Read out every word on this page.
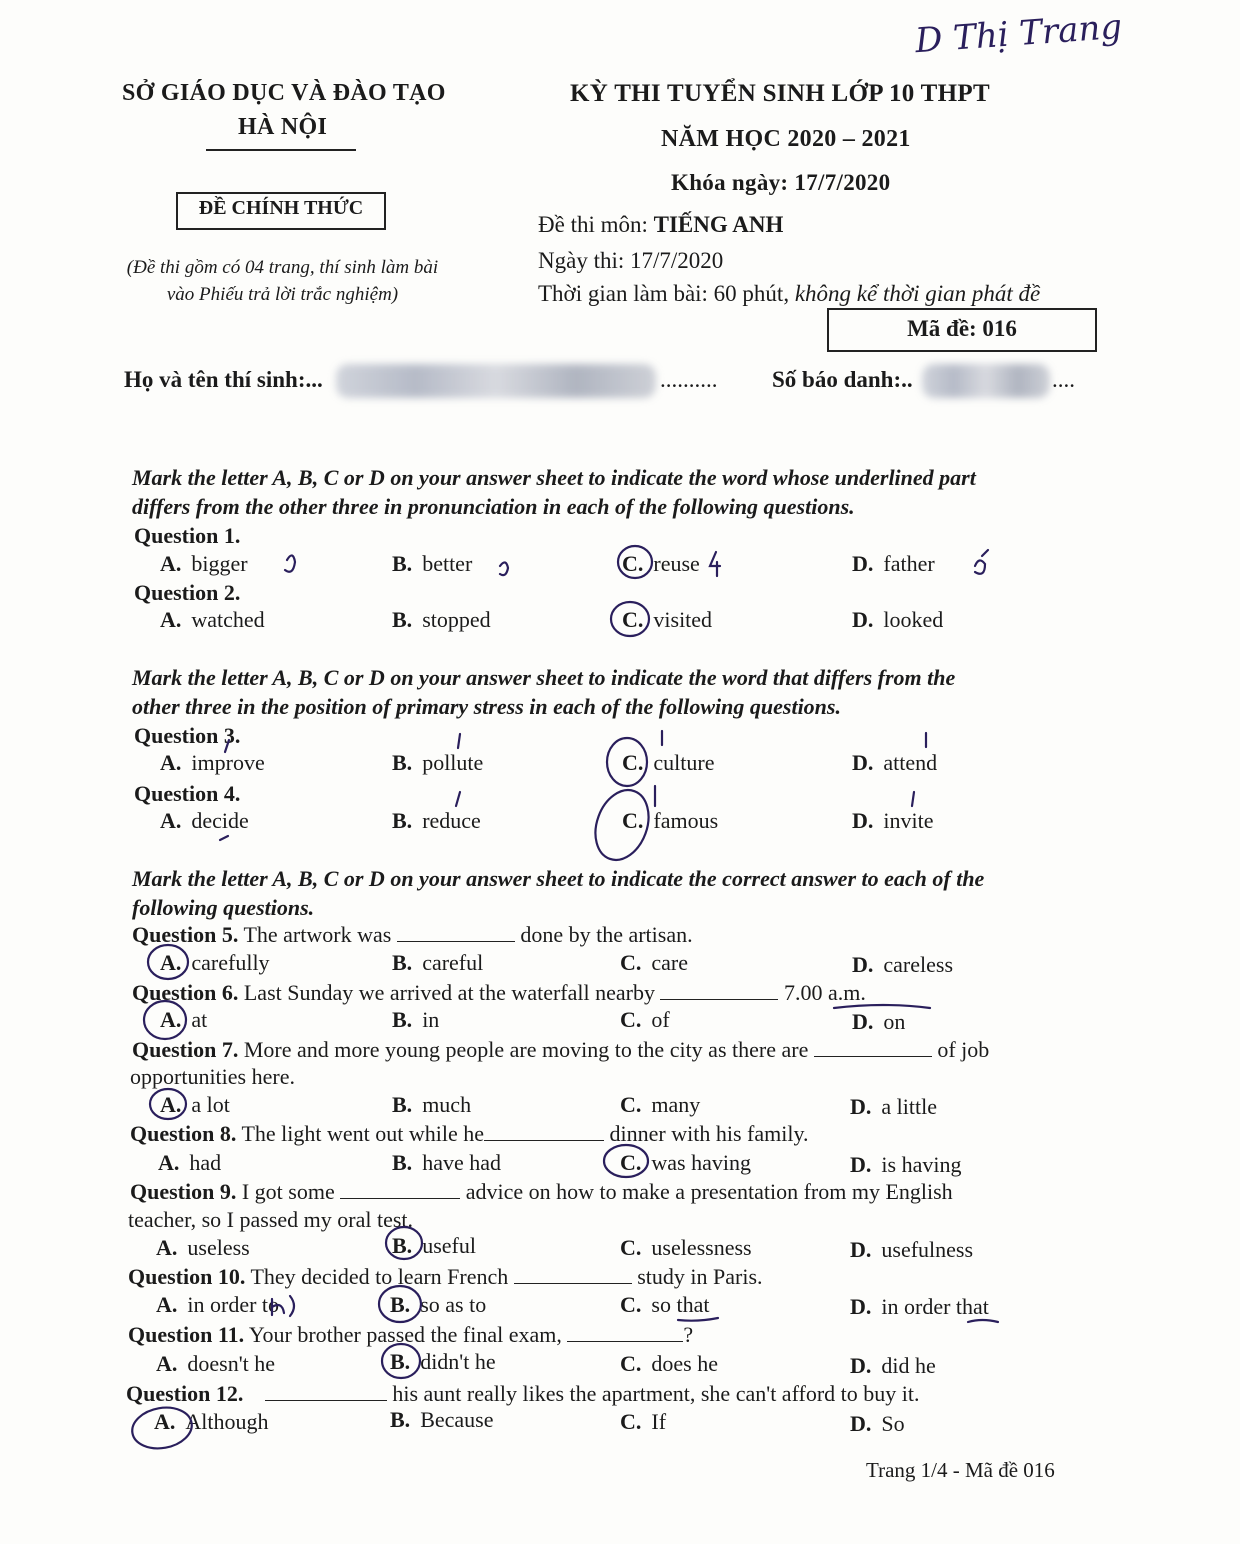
D Thị Trang
SỞ GIÁO DỤC VÀ ĐÀO TẠO
HÀ NỘI
ĐỀ CHÍNH THỨC
(Đề thi gồm có 04 trang, thí sinh làm bài
vào Phiếu trả lời trắc nghiệm)
KỲ THI TUYỂN SINH LỚP 10 THPT
NĂM HỌC 2020 – 2021
Khóa ngày: 17/7/2020
Đề thi môn: TIẾNG ANH
Ngày thi: 17/7/2020
Thời gian làm bài: 60 phút, không kể thời gian phát đề
Mã đề: 016
Họ và tên thí sinh:...	.......... Số báo danh:..	....
Mark the letter A, B, C or D on your answer sheet to indicate the word whose underlined part
differs from the other three in pronunciation in each of the following questions.
Question 1.
A. bigger	B. better	C. reuse	D. father
Question 2.
A. watched	B. stopped	C. visited	D. looked
Mark the letter A, B, C or D on your answer sheet to indicate the word that differs from the
other three in the position of primary stress in each of the following questions.
Question 3.
A. improve	B. pollute	C. culture	D. attend
Question 4.
A. decide	B. reduce	C. famous	D. invite
Mark the letter A, B, C or D on your answer sheet to indicate the correct answer to each of the
following questions.
Question 5. The artwork was	done by the artisan.
A. carefully	B. careful	C. care	D. careless
Question 6. Last Sunday we arrived at the waterfall nearby	7.00 a.m.
A. at	B. in	C. of	D. on
Question 7. More and more young people are moving to the city as there are	of job
opportunities here.
A. a lot	B. much	C. many	D. a little
Question 8. The light went out while he	dinner with his family.
A. had	B. have had	C. was having	D. is having
Question 9. I got some	advice on how to make a presentation from my English
teacher, so I passed my oral test.
A. useless	B. useful	C. uselessness	D. usefulness
Question 10. They decided to learn French	study in Paris.
A. in order to	B. so as to	C. so that	D. in order that
Question 11. Your brother passed the final exam,	?
A. doesn't he	B. didn't he	C. does he	D. did he
Question 12.	his aunt really likes the apartment, she can't afford to buy it.
A. Although	B. Because	C. If	D. So
Trang 1/4 - Mã đề 016
